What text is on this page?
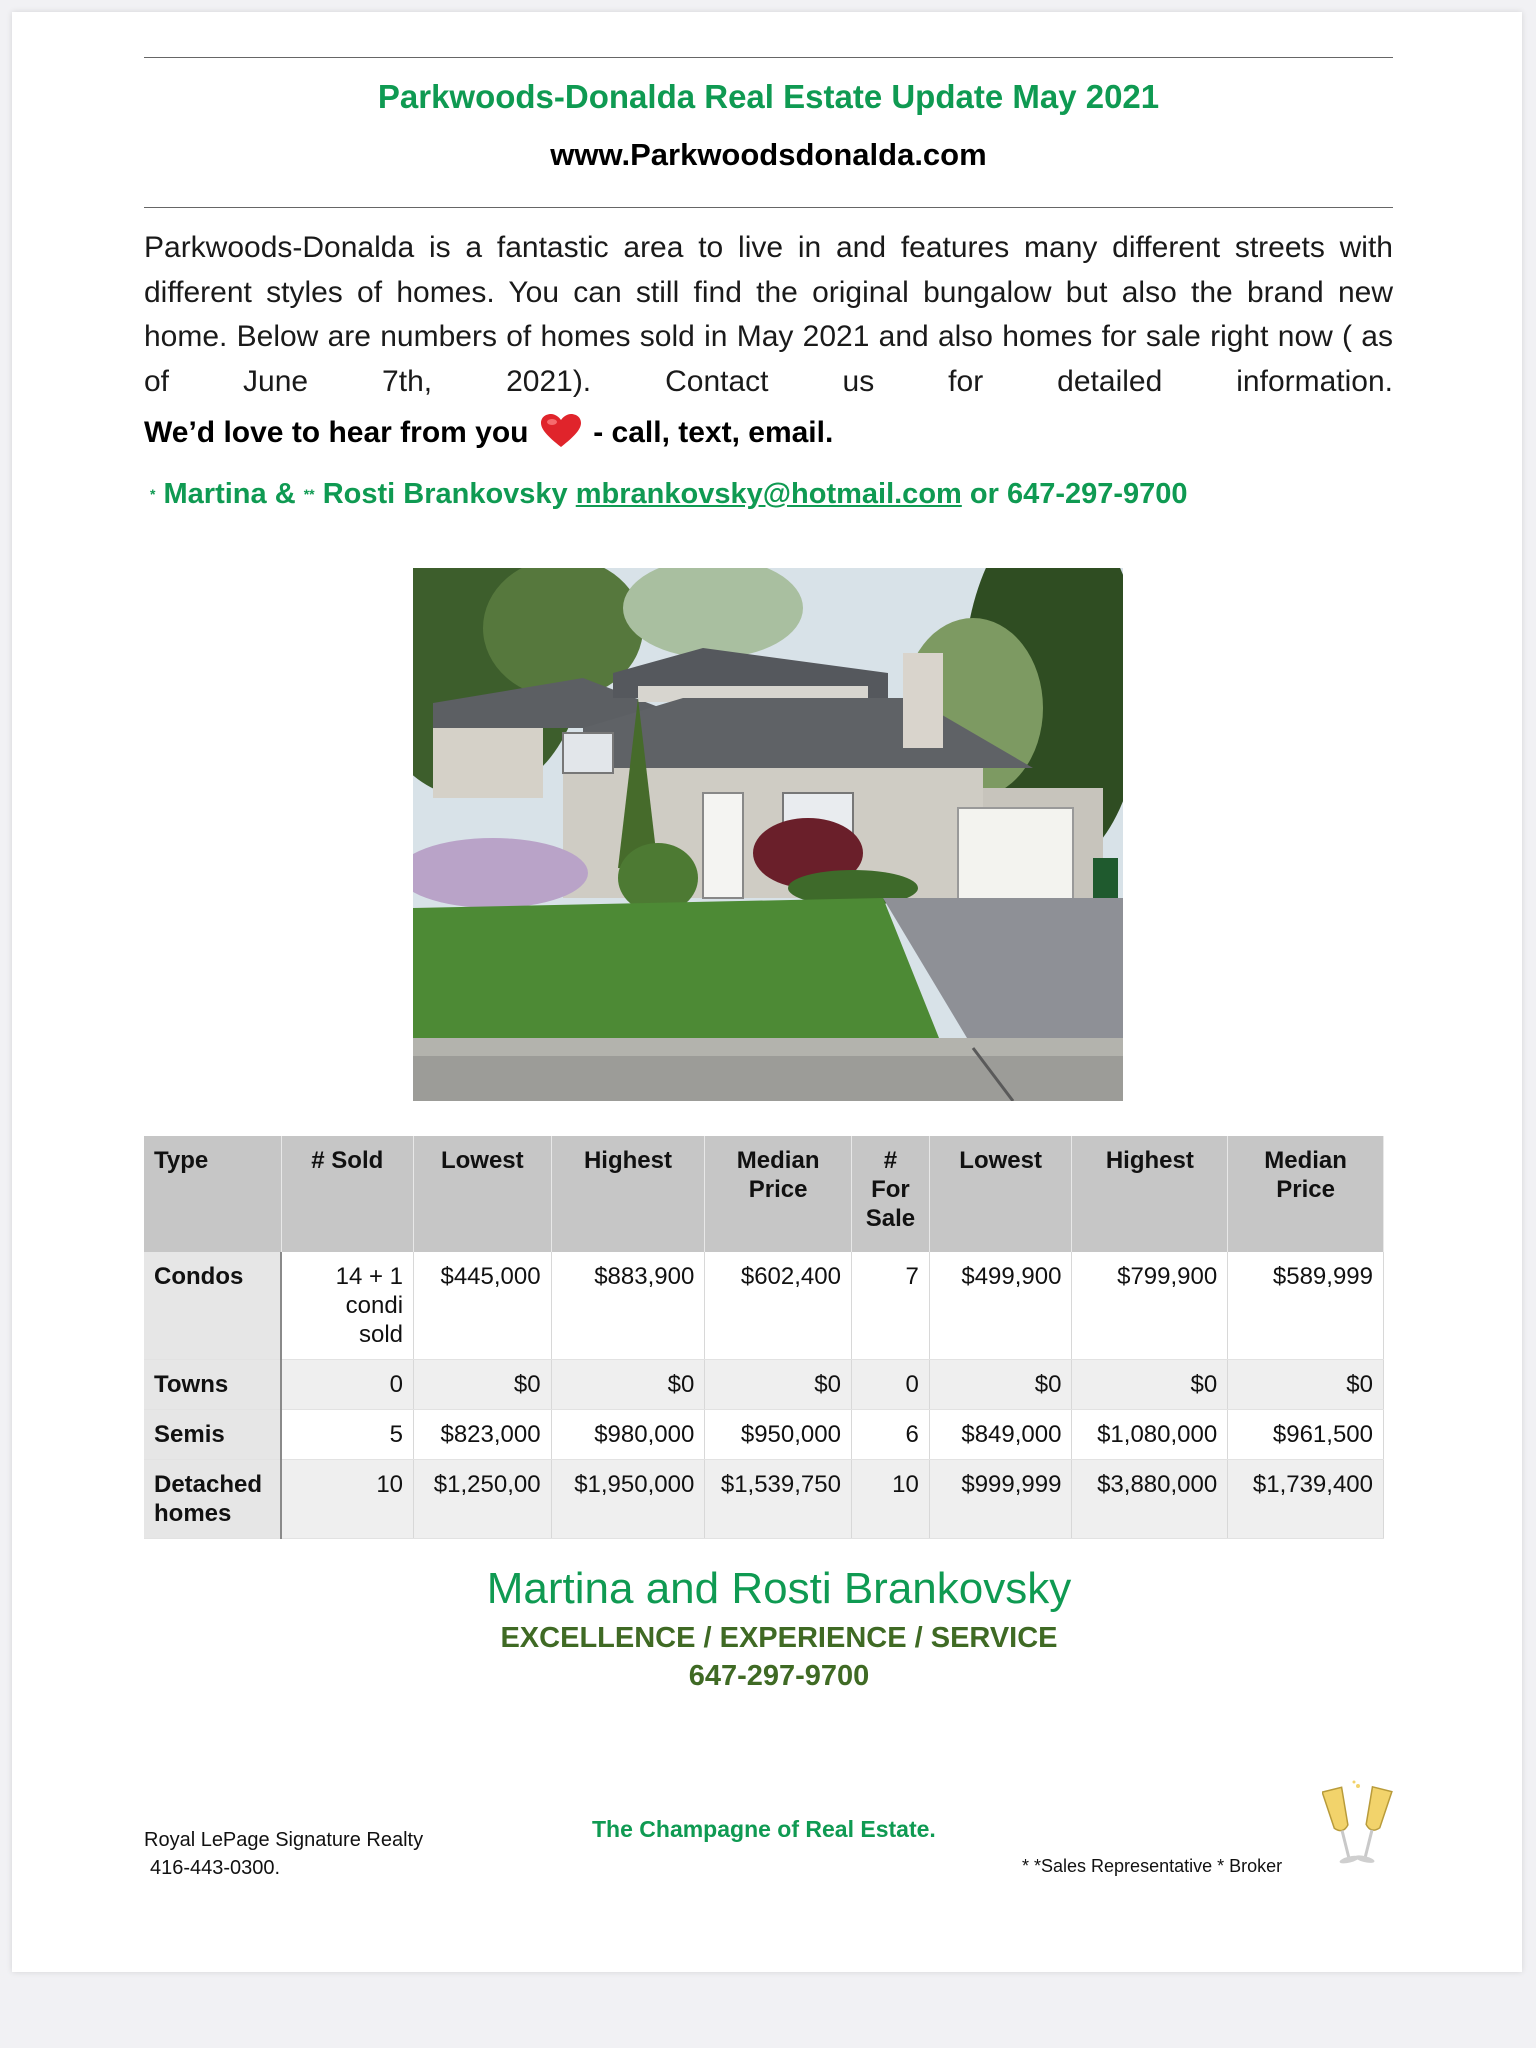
Parkwoods-Donalda Real Estate Update May 2021
www.Parkwoodsdonalda.com
Parkwoods-Donalda is a fantastic area to live in and features many different streets with different styles of homes. You can still find the original bungalow but also the brand new home. Below are numbers of homes sold in May 2021 and also homes for sale right now ( as of June 7th, 2021). Contact us for detailed information.
We’d love to hear from you - call, text, email.
* Martina & ** Rosti Brankovsky mbrankovsky@hotmail.com or 647-297-9700
Type	# Sold	Lowest	Highest	Median Price	# For Sale	Lowest	Highest	Median Price
Condos	14 + 1 condi sold	$445,000	$883,900	$602,400	7	$499,900	$799,900	$589,999
Towns	0	$0	$0	$0	0	$0	$0	$0
Semis	5	$823,000	$980,000	$950,000	6	$849,000	$1,080,000	$961,500
Detached homes	10	$1,250,00	$1,950,000	$1,539,750	10	$999,999	$3,880,000	$1,739,400
Martina and Rosti Brankovsky
EXCELLENCE / EXPERIENCE / SERVICE
647-297-9700
Royal LePage Signature Realty
416-443-0300.
The Champagne of Real Estate.
* *Sales Representative * Broker
